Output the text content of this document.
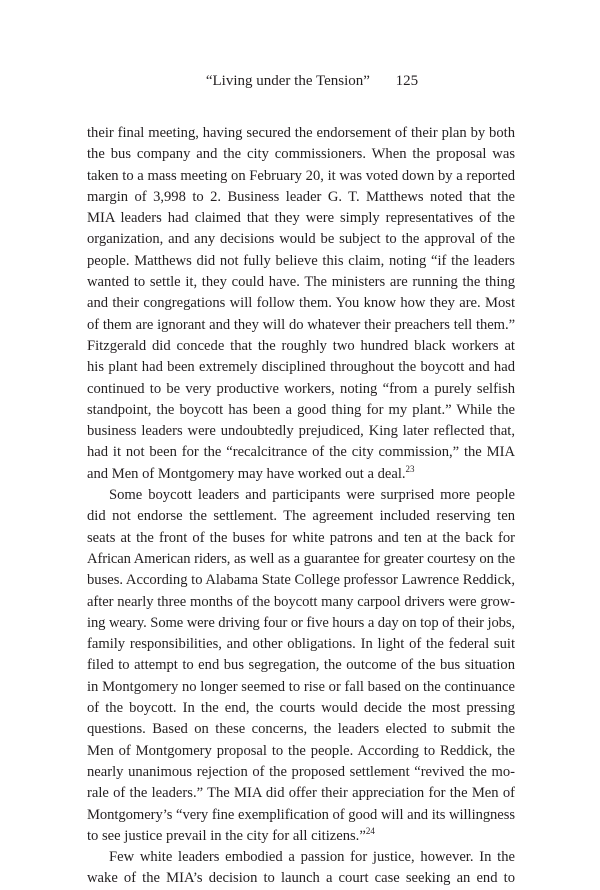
“Living under the Tension” 125
their final meeting, having secured the endorsement of their plan by both
the bus company and the city commissioners. When the proposal was
taken to a mass meeting on February 20, it was voted down by a reported
margin of 3,998 to 2. Business leader G. T. Matthews noted that the
MIA leaders had claimed that they were simply representatives of the
organization, and any decisions would be subject to the approval of the
people. Matthews did not fully believe this claim, noting “if the leaders
wanted to settle it, they could have. The ministers are running the thing
and their congregations will follow them. You know how they are. Most
of them are ignorant and they will do whatever their preachers tell them.”
Fitzgerald did concede that the roughly two hundred black workers at
his plant had been extremely disciplined throughout the boycott and had
continued to be very productive workers, noting “from a purely selfish
standpoint, the boycott has been a good thing for my plant.” While the
business leaders were undoubtedly prejudiced, King later reflected that,
had it not been for the “recalcitrance of the city commission,” the MIA
and Men of Montgomery may have worked out a deal.$^{23}$
Some boycott leaders and participants were surprised more people
did not endorse the settlement. The agreement included reserving ten
seats at the front of the buses for white patrons and ten at the back for
African American riders, as well as a guarantee for greater courtesy on the
buses. According to Alabama State College professor Lawrence Reddick,
after nearly three months of the boycott many carpool drivers were grow-
ing weary. Some were driving four or five hours a day on top of their jobs,
family responsibilities, and other obligations. In light of the federal suit
filed to attempt to end bus segregation, the outcome of the bus situation
in Montgomery no longer seemed to rise or fall based on the continuance
of the boycott. In the end, the courts would decide the most pressing
questions. Based on these concerns, the leaders elected to submit the
Men of Montgomery proposal to the people. According to Reddick, the
nearly unanimous rejection of the proposed settlement “revived the mo-
rale of the leaders.” The MIA did offer their appreciation for the Men of
Montgomery’s “very fine exemplification of good will and its willingness
to see justice prevail in the city for all citizens.”$^{24}$
Few white leaders embodied a passion for justice, however. In the
wake of the MIA’s decision to launch a court case seeking an end to
